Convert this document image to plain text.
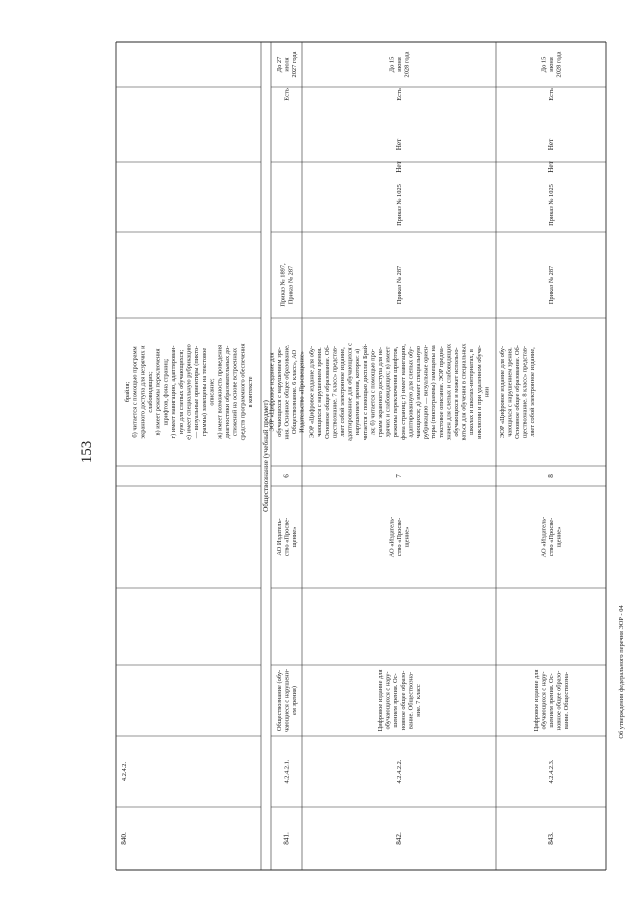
153
брайля; б) читается с помощью программ экранного доступа для незрячих и слабовидящих; в) имеет режимы переключения шрифтов, фона страниц; г) имеет навигацию, адаптирован- ную для слепых обучающихся; е) имеет специальную рубрикацию — визуальные ориентиры (пикто- граммы) замещены на текстовое описание; ж) имеет возможность проведения диагностики образовательных до- стижений на основе встроенных средств программного обеспечения в контексте
Обществознание (учебный предмет)
840.
4.2.4.2.
841.
4.2.4.2.1.
Обществознание (обу- чающиеся с нарушени- ем зрения)
ЭОР «Цифровое издание для обучающихся с нарушением зре- ния. Основное общее образование. Обществознание. 6 класс», АО Издательство «Просвещение»
АО Издатель- ство «Просве- щение»
6
Приказ № 1897, Приказ № 287
Есть
До 27 июля 2027 года
842.
4.2.4.2.2.
Цифровое издание для обучающихся с нару- шением зрения. Ос- новное общее образо- вание. Обществозна- ние. 7 класс
ЭОР «Цифровое издание для обу- чающихся с нарушением зрения. Основное общее образование. Об- ществознание. 7 класс» представ- ляет собой электронное издание, адаптированное для обучающихся с нарушением зрения, которое: а) читается с помощью дисплея Брай- ля; б) читается с помощью про- грамм экранного доступа для не- зрячих и слабовидящих; в) имеет режимы переключения шрифтов, фона страниц; г) имеет навигацию, адаптированную для слепых обу- чающихся; д) имеет специальную рубрикацию — визуальные ориен- тиры (пиктограммы) замещены на текстовое описание. ЭОР предна- значен для слепых и слабовидящих обучающихся и может использо- ваться для обучения в специальных школах и школах-интернатах, в инклюзии и при удаленном обуче- нии
АО «Издатель- ство «Просве- щение»
7
Приказ № 287
Приказ № 1025
Нет
Нет
Есть
До 15 июня 2028 года
843.
4.2.4.2.3.
Цифровое издание для обучающихся с нару- шением зрения. Ос- новное общее образо- вание. Обществозна-
ЭОР «Цифровое издание для обу- чающихся с нарушением зрения. Основное общее образование. Об- ществознание. 8 класс» представ- ляет собой электронное издание,
АО «Издатель- ство «Просве- щение»
8
Приказ № 287
Приказ № 1025
Нет
Нет
Есть
До 15 июня 2028 года
Об утверждении федерального перечня ЭОР - 04
